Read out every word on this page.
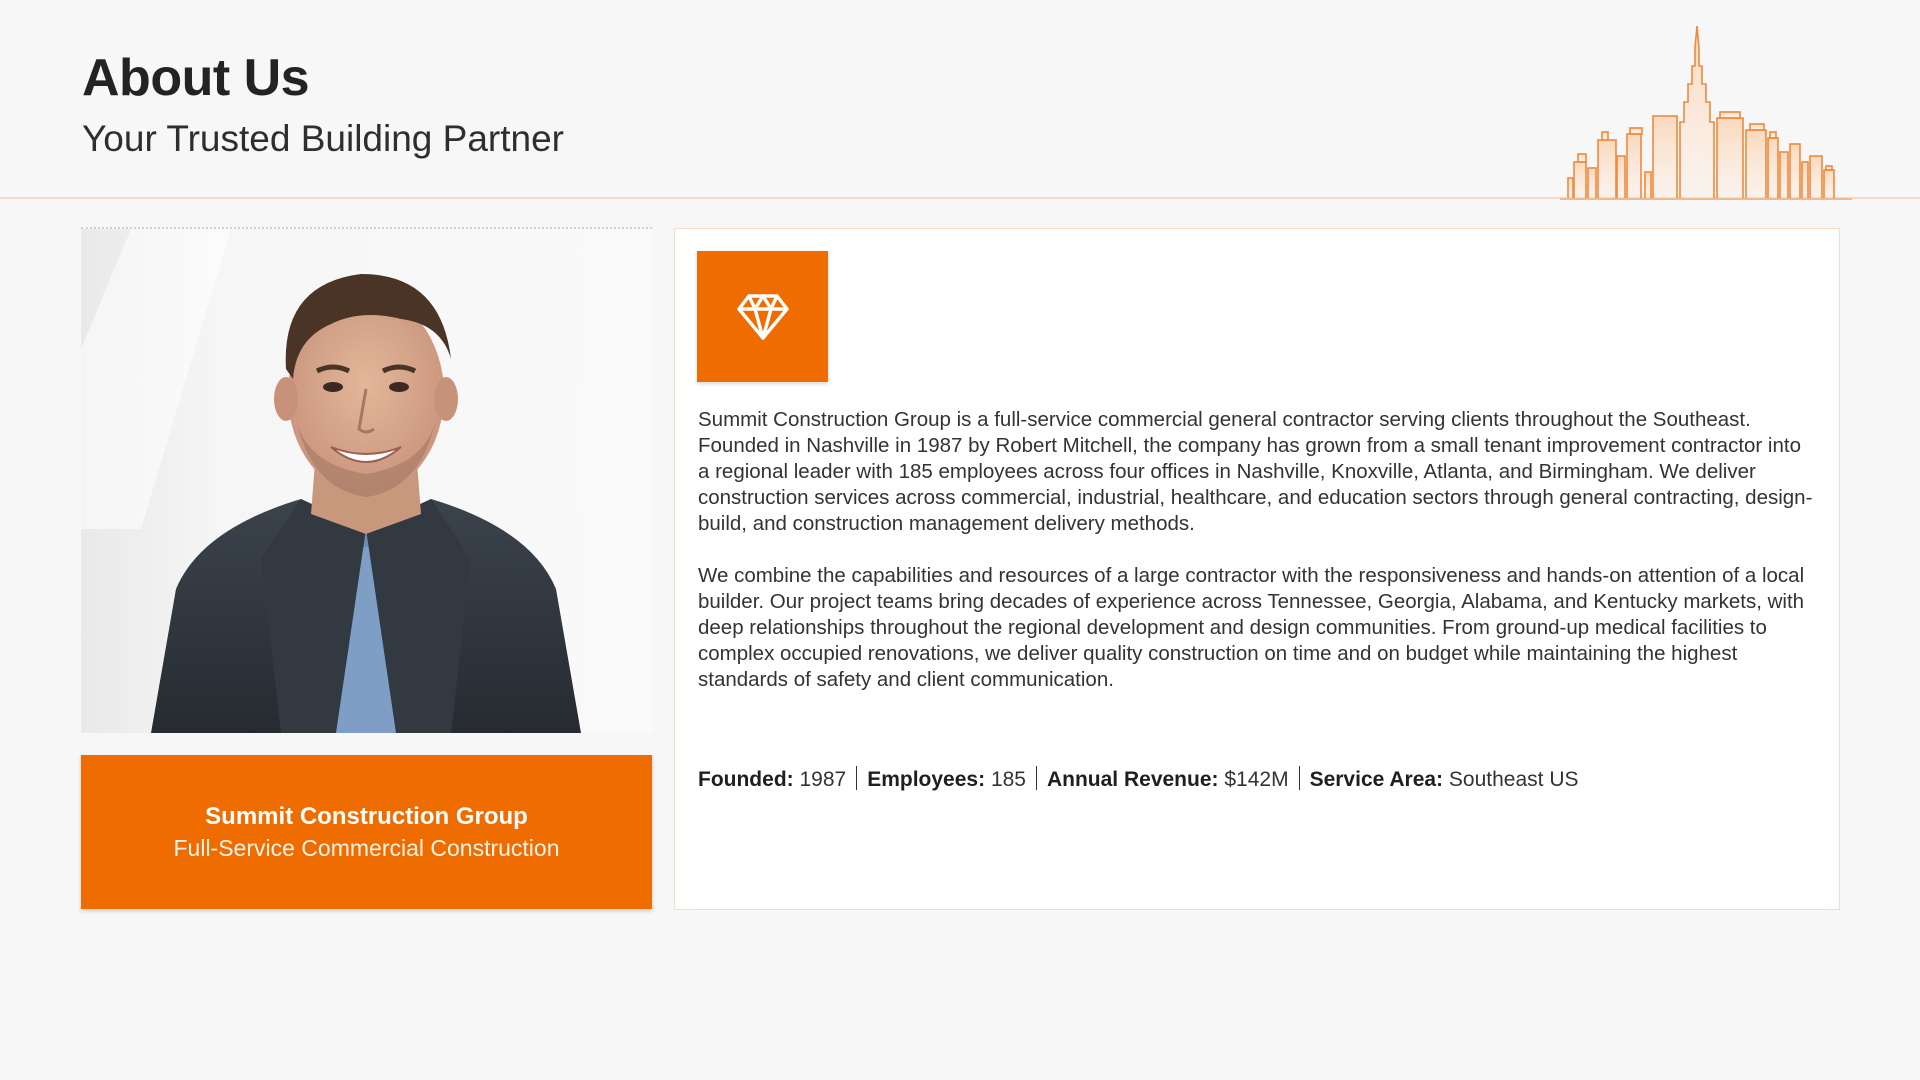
About Us
Your Trusted Building Partner
Summit Construction Group
Full-Service Commercial Construction

Summit Construction Group is a full-service commercial general contractor serving clients throughout the Southeast. Founded in Nashville in 1987 by Robert Mitchell, the company has grown from a small tenant improvement contractor into a regional leader with 185 employees across four offices in Nashville, Knoxville, Atlanta, and Birmingham. We deliver construction services across commercial, industrial, healthcare, and education sectors through general contracting, design-build, and construction management delivery methods.

We combine the capabilities and resources of a large contractor with the responsiveness and hands-on attention of a local builder. Our project teams bring decades of experience across Tennessee, Georgia, Alabama, and Kentucky markets, with deep relationships throughout the regional development and design communities. From ground-up medical facilities to complex occupied renovations, we deliver quality construction on time and on budget while maintaining the highest standards of safety and client communication.

Founded: 1987 Employees: 185 Annual Revenue: $142M Service Area: Southeast US
